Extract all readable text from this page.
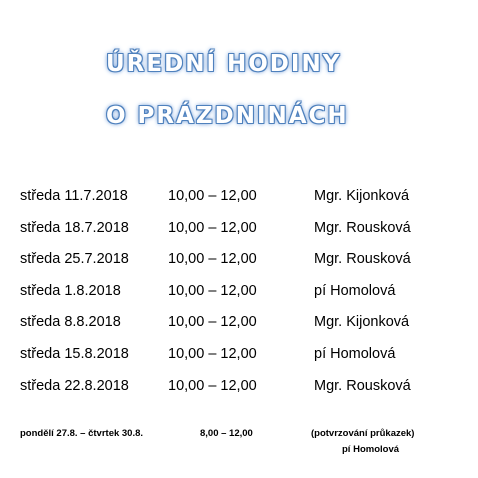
ÚŘEDNÍ HODINY
O PRÁZDNINÁCH
středa 11.7.2018	10,00 – 12,00	Mgr. Kijonková
středa 18.7.2018	10,00 – 12,00	Mgr. Rousková
středa 25.7.2018	10,00 – 12,00	Mgr. Rousková
středa 1.8.2018	10,00 – 12,00	pí Homolová
středa 8.8.2018	10,00 – 12,00	Mgr. Kijonková
středa 15.8.2018	10,00 – 12,00	pí Homolová
středa 22.8.2018	10,00 – 12,00	Mgr. Rousková
pondělí 27.8. – čtvrtek 30.8.	8,00 – 12,00	(potvrzování průkazek)
pí Homolová
